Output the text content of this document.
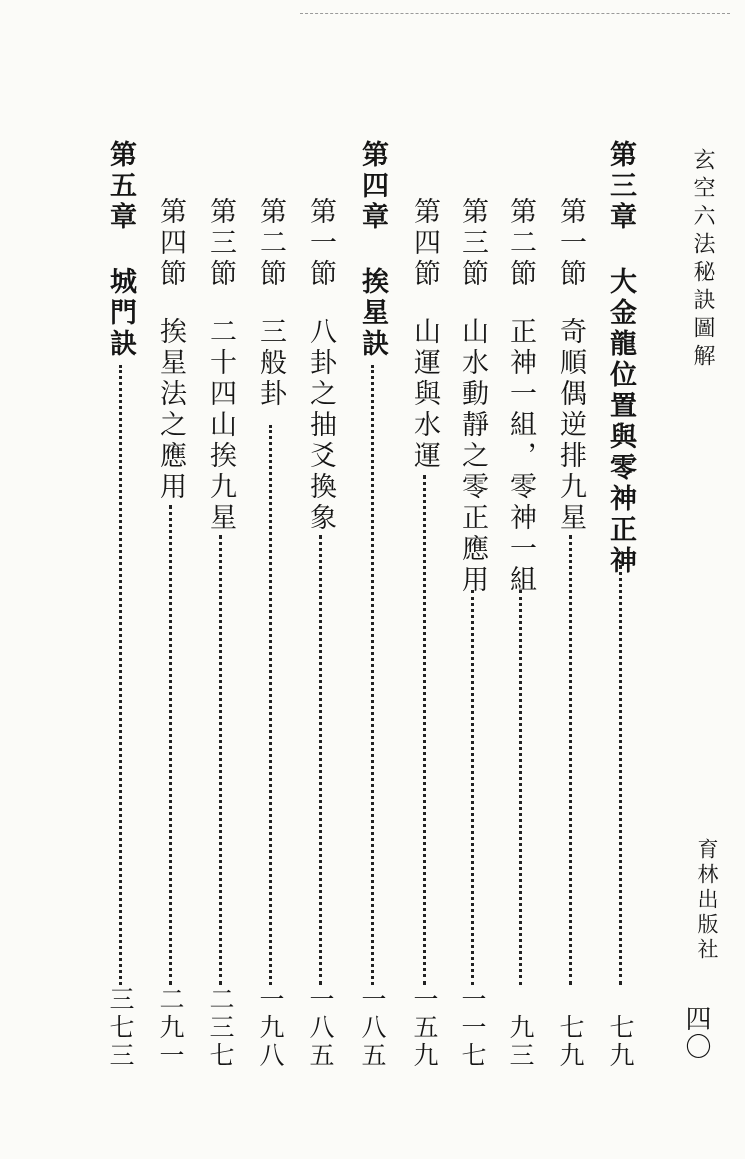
玄空六法秘訣圖解
第三章
大金龍位置與零神正神
七九
第一節
奇順偶逆排九星
七九
第二節
正神一組，零神一組
九三
第三節
山水動靜之零正應用
一一七
第四節
山運與水運
一五九
第四章
挨星訣
一八五
第一節
八卦之抽爻換象
一八五
第二節
三般卦
一九八
第三節
二十四山挨九星
二三七
第四節
挨星法之應用
二九一
第五章
城門訣
三七三
育林出版社
四〇
